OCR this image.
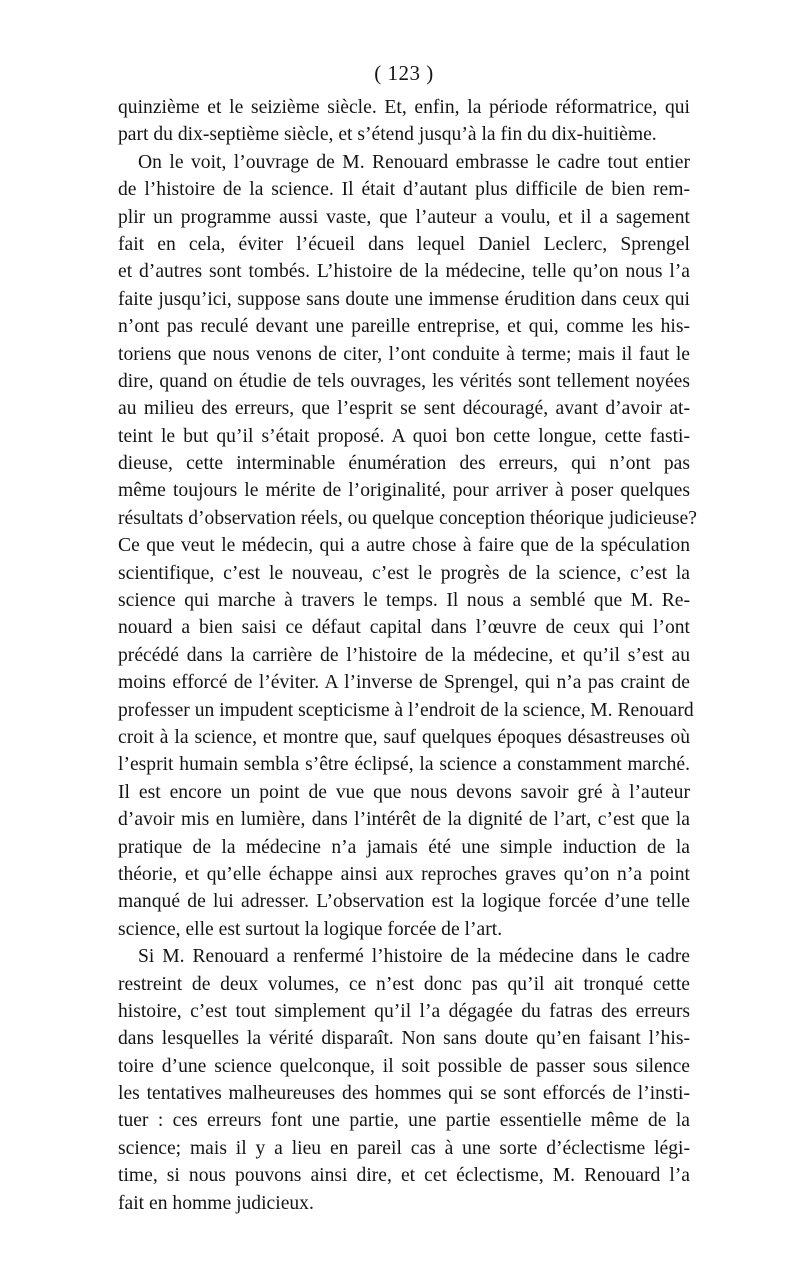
( 123 )
quinzième et le seizième siècle. Et, enfin, la période réformatrice, qui
part du dix-septième siècle, et s’étend jusqu’à la fin du dix-huitième.
On le voit, l’ouvrage de M. Renouard embrasse le cadre tout entier
de l’histoire de la science. Il était d’autant plus difficile de bien rem-
plir un programme aussi vaste, que l’auteur a voulu, et il a sagement
fait en cela, éviter l’écueil dans lequel Daniel Leclerc, Sprengel
et d’autres sont tombés. L’histoire de la médecine, telle qu’on nous l’a
faite jusqu’ici, suppose sans doute une immense érudition dans ceux qui
n’ont pas reculé devant une pareille entreprise, et qui, comme les his-
toriens que nous venons de citer, l’ont conduite à terme; mais il faut le
dire, quand on étudie de tels ouvrages, les vérités sont tellement noyées
au milieu des erreurs, que l’esprit se sent découragé, avant d’avoir at-
teint le but qu’il s’était proposé. A quoi bon cette longue, cette fasti-
dieuse, cette interminable énumération des erreurs, qui n’ont pas
même toujours le mérite de l’originalité, pour arriver à poser quelques
résultats d’observation réels, ou quelque conception théorique judicieuse?
Ce que veut le médecin, qui a autre chose à faire que de la spéculation
scientifique, c’est le nouveau, c’est le progrès de la science, c’est la
science qui marche à travers le temps. Il nous a semblé que M. Re-
nouard a bien saisi ce défaut capital dans l’œuvre de ceux qui l’ont
précédé dans la carrière de l’histoire de la médecine, et qu’il s’est au
moins efforcé de l’éviter. A l’inverse de Sprengel, qui n’a pas craint de
professer un impudent scepticisme à l’endroit de la science, M. Renouard
croit à la science, et montre que, sauf quelques époques désastreuses où
l’esprit humain sembla s’être éclipsé, la science a constamment marché.
Il est encore un point de vue que nous devons savoir gré à l’auteur
d’avoir mis en lumière, dans l’intérêt de la dignité de l’art, c’est que la
pratique de la médecine n’a jamais été une simple induction de la
théorie, et qu’elle échappe ainsi aux reproches graves qu’on n’a point
manqué de lui adresser. L’observation est la logique forcée d’une telle
science, elle est surtout la logique forcée de l’art.
Si M. Renouard a renfermé l’histoire de la médecine dans le cadre
restreint de deux volumes, ce n’est donc pas qu’il ait tronqué cette
histoire, c’est tout simplement qu’il l’a dégagée du fatras des erreurs
dans lesquelles la vérité disparaît. Non sans doute qu’en faisant l’his-
toire d’une science quelconque, il soit possible de passer sous silence
les tentatives malheureuses des hommes qui se sont efforcés de l’insti-
tuer : ces erreurs font une partie, une partie essentielle même de la
science; mais il y a lieu en pareil cas à une sorte d’éclectisme légi-
time, si nous pouvons ainsi dire, et cet éclectisme, M. Renouard l’a
fait en homme judicieux.
